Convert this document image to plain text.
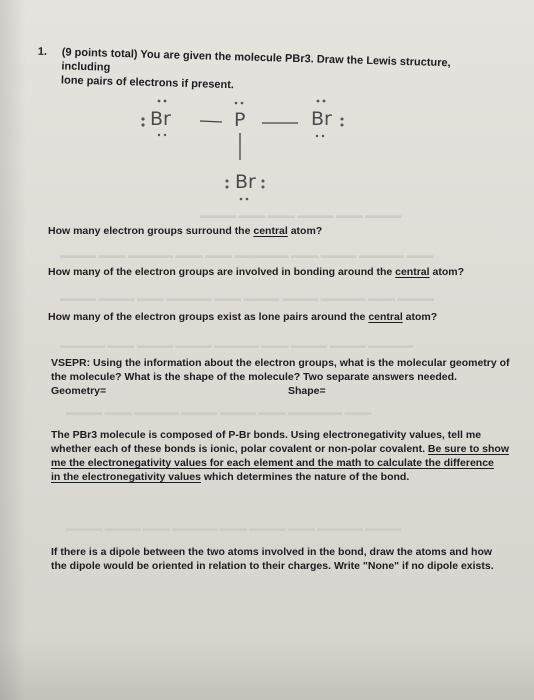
▬▬▬▬ ▬▬▬ ▬▬▬ ▬▬▬▬ ▬▬▬ ▬▬▬▬
▬▬▬▬ ▬▬▬ ▬▬▬▬▬ ▬▬▬ ▬▬▬ ▬▬▬▬▬▬ ▬▬▬ ▬▬▬▬ ▬▬▬▬▬ ▬▬▬
▬▬▬▬ ▬▬▬▬ ▬▬▬ ▬▬▬▬▬ ▬▬▬ ▬▬▬▬ ▬▬▬▬ ▬▬▬▬▬ ▬▬▬ ▬▬▬▬
▬▬▬▬▬ ▬▬▬ ▬▬▬▬ ▬▬▬▬ ▬▬▬▬▬ ▬▬▬ ▬▬▬▬ ▬▬▬▬ ▬▬▬▬▬
▬▬▬▬ ▬▬▬ ▬▬▬▬▬ ▬▬▬▬ ▬▬▬▬ ▬▬▬ ▬▬▬▬▬▬ ▬▬▬
▬▬▬▬ ▬▬▬▬ ▬▬▬ ▬▬▬▬▬ ▬▬▬ ▬▬▬▬ ▬▬▬ ▬▬▬▬▬ ▬▬▬▬
1.	(9 points total) You are given the molecule PBr3. Draw the Lewis structure, including
lone pairs of electrons if present.
Br	P	Br
Br
How many electron groups surround the central atom?
How many of the electron groups are involved in bonding around the central atom?
How many of the electron groups exist as lone pairs around the central atom?
VSEPR: Using the information about the electron groups, what is the molecular geometry of
the molecule? What is the shape of the molecule? Two separate answers needed.
Geometry=	Shape=
The PBr3 molecule is composed of P-Br bonds. Using electronegativity values, tell me
whether each of these bonds is ionic, polar covalent or non-polar covalent. Be sure to show
me the electronegativity values for each element and the math to calculate the difference
in the electronegativity values which determines the nature of the bond.
If there is a dipole between the two atoms involved in the bond, draw the atoms and how
the dipole would be oriented in relation to their charges. Write "None" if no dipole exists.
